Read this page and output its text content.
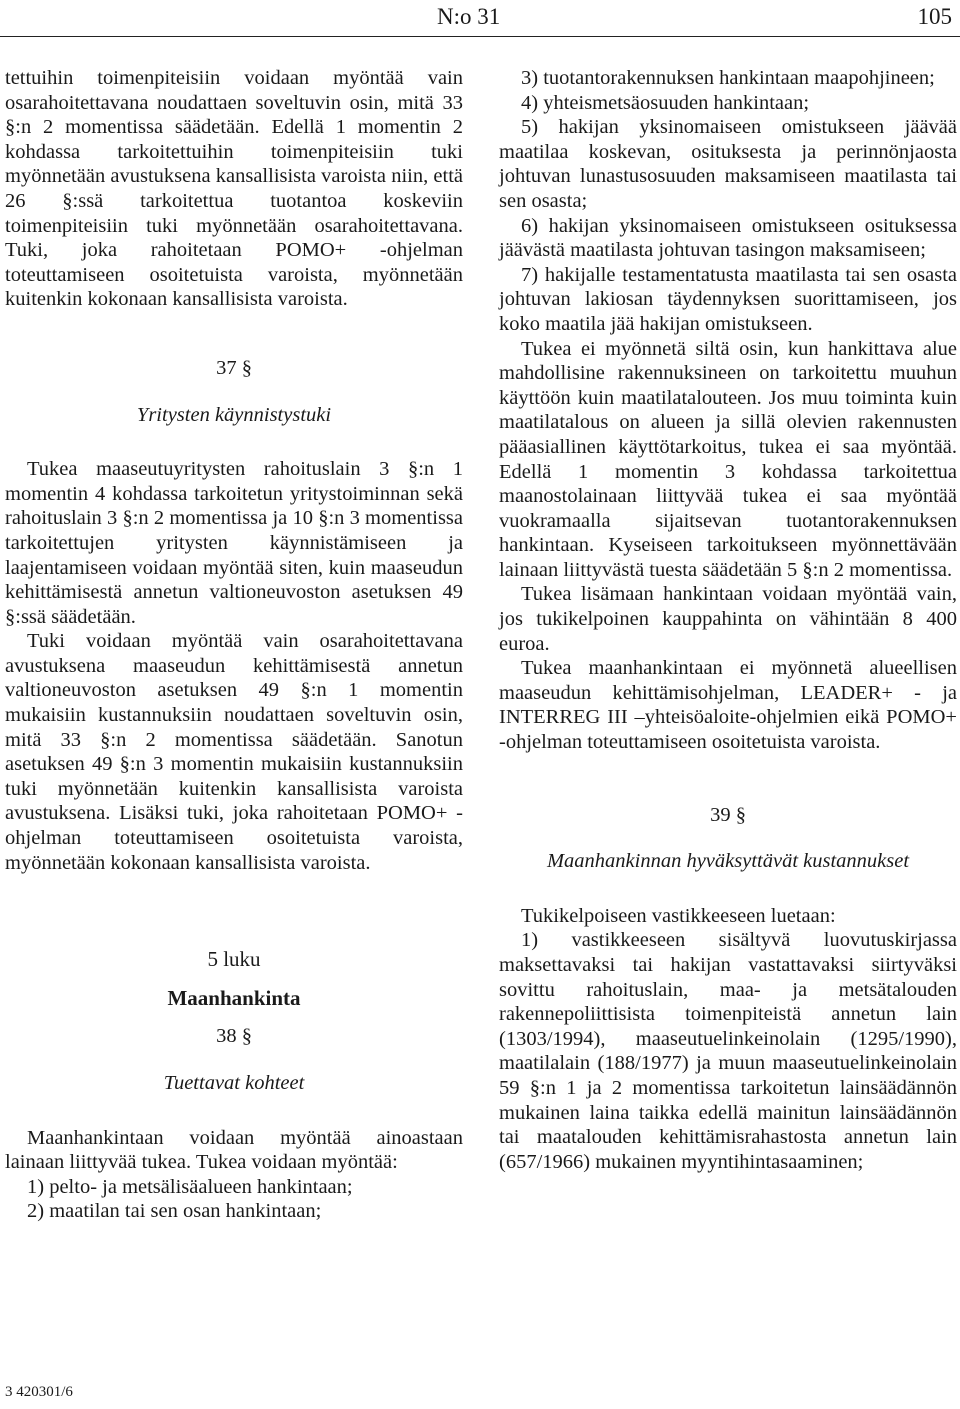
N:o 31	105

tettuihin toimenpiteisiin voidaan myöntää vain osarahoitettavana noudattaen soveltuvin osin, mitä 33 §:n 2 momentissa säädetään. Edellä 1 momentin 2 kohdassa tarkoitettuihin toimenpiteisiin tuki myönnetään avustuksena kansallisista varoista niin, että 26 §:ssä tarkoitettua tuotantoa koskeviin toimenpiteisiin tuki myönnetään osarahoitettavana. Tuki, joka rahoitetaan POMO+ -ohjelman toteuttamiseen osoitetuista varoista, myönnetään kuitenkin kokonaan kansallisista varoista.

37 §

Yritysten käynnistystuki

Tukea maaseutuyritysten rahoituslain 3 §:n 1 momentin 4 kohdassa tarkoitetun yritystoiminnan sekä rahoituslain 3 §:n 2 momentissa ja 10 §:n 3 momentissa tarkoitettujen yritysten käynnistämiseen ja laajentamiseen voidaan myöntää siten, kuin maaseudun kehittämisestä annetun valtioneuvoston asetuksen 49 §:ssä säädetään.

Tuki voidaan myöntää vain osarahoitettavana avustuksena maaseudun kehittämisestä annetun valtioneuvoston asetuksen 49 §:n 1 momentin mukaisiin kustannuksiin noudattaen soveltuvin osin, mitä 33 §:n 2 momentissa säädetään. Sanotun asetuksen 49 §:n 3 momentin mukaisiin kustannuksiin tuki myönnetään kuitenkin kansallisista varoista avustuksena. Lisäksi tuki, joka rahoitetaan POMO+ -ohjelman toteuttamiseen osoitetuista varoista, myönnetään kokonaan kansallisista varoista.

5 luku

Maanhankinta

38 §

Tuettavat kohteet

Maanhankintaan voidaan myöntää ainoastaan lainaan liittyvää tukea. Tukea voidaan myöntää:

1) pelto- ja metsälisäalueen hankintaan;

2) maatilan tai sen osan hankintaan;

3) tuotantorakennuksen hankintaan maapohjineen;

4) yhteismetsäosuuden hankintaan;

5) hakijan yksinomaiseen omistukseen jäävää maatilaa koskevan, osituksesta ja perinnönjaosta johtuvan lunastusosuuden maksamiseen maatilasta tai sen osasta;

6) hakijan yksinomaiseen omistukseen osituksessa jäävästä maatilasta johtuvan tasingon maksamiseen;

7) hakijalle testamentatusta maatilasta tai sen osasta johtuvan lakiosan täydennyksen suorittamiseen, jos koko maatila jää hakijan omistukseen.

Tukea ei myönnetä siltä osin, kun hankittava alue mahdollisine rakennuksineen on tarkoitettu muuhun käyttöön kuin maatilatalouteen. Jos muu toiminta kuin maatilatalous on alueen ja sillä olevien rakennusten pääasiallinen käyttötarkoitus, tukea ei saa myöntää. Edellä 1 momentin 3 kohdassa tarkoitettua maanostolainaan liittyvää tukea ei saa myöntää vuokramaalla sijaitsevan tuotantorakennuksen hankintaan. Kyseiseen tarkoitukseen myönnettävään lainaan liittyvästä tuesta säädetään 5 §:n 2 momentissa.

Tukea lisämaan hankintaan voidaan myöntää vain, jos tukikelpoinen kauppahinta on vähintään 8 400 euroa.

Tukea maanhankintaan ei myönnetä alueellisen maaseudun kehittämisohjelman, LEADER+ - ja INTERREG III –yhteisöaloite-ohjelmien eikä POMO+ -ohjelman toteuttamiseen osoitetuista varoista.

39 §

Maanhankinnan hyväksyttävät kustannukset

Tukikelpoiseen vastikkeeseen luetaan:

1) vastikkeeseen sisältyvä luovutuskirjassa maksettavaksi tai hakijan vastattavaksi siirtyväksi sovittu rahoituslain, maa- ja metsätalouden rakennepoliittisista toimenpiteistä annetun lain (1303/1994), maaseutuelinkeinolain (1295/1990), maatilalain (188/1977) ja muun maaseutuelinkeinolain 59 §:n 1 ja 2 momentissa tarkoitetun lainsäädännön mukainen laina taikka edellä mainitun lainsäädännön tai maatalouden kehittämisrahastosta annetun lain (657/1966) mukainen myyntihintasaaminen;

3 420301/6
